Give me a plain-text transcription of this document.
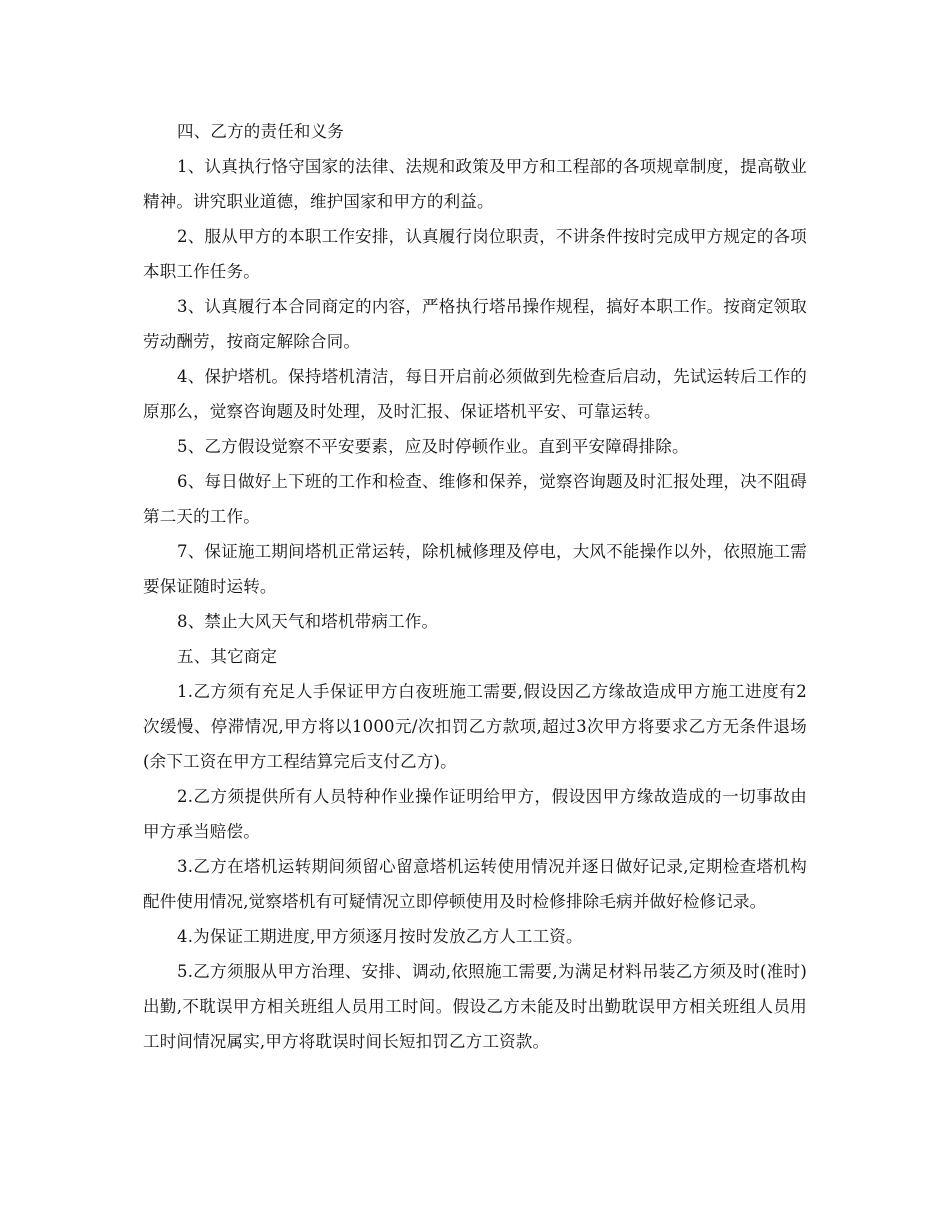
四、乙方的责任和义务

1、认真执行恪守国家的法律、法规和政策及甲方和工程部的各项规章制度，提高敬业精神。讲究职业道德，维护国家和甲方的利益。

2、服从甲方的本职工作安排，认真履行岗位职责，不讲条件按时完成甲方规定的各项本职工作任务。

3、认真履行本合同商定的内容，严格执行塔吊操作规程，搞好本职工作。按商定领取劳动酬劳，按商定解除合同。

4、保护塔机。保持塔机清洁，每日开启前必须做到先检查后启动，先试运转后工作的原那么，觉察咨询题及时处理，及时汇报、保证塔机平安、可靠运转。

5、乙方假设觉察不平安要素，应及时停顿作业。直到平安障碍排除。

6、每日做好上下班的工作和检查、维修和保养，觉察咨询题及时汇报处理，决不阻碍第二天的工作。

7、保证施工期间塔机正常运转，除机械修理及停电，大风不能操作以外，依照施工需要保证随时运转。

8、禁止大风天气和塔机带病工作。

五、其它商定

1.乙方须有充足人手保证甲方白夜班施工需要,假设因乙方缘故造成甲方施工进度有2次缓慢、停滞情况,甲方将以1000元/次扣罚乙方款项,超过3次甲方将要求乙方无条件退场(余下工资在甲方工程结算完后支付乙方)。

2.乙方须提供所有人员特种作业操作证明给甲方，假设因甲方缘故造成的一切事故由甲方承当赔偿。

3.乙方在塔机运转期间须留心留意塔机运转使用情况并逐日做好记录,定期检查塔机构配件使用情况,觉察塔机有可疑情况立即停顿使用及时检修排除毛病并做好检修记录。

4.为保证工期进度,甲方须逐月按时发放乙方人工工资。

5.乙方须服从甲方治理、安排、调动,依照施工需要,为满足材料吊装乙方须及时(准时)出勤,不耽误甲方相关班组人员用工时间。假设乙方未能及时出勤耽误甲方相关班组人员用工时间情况属实,甲方将耽误时间长短扣罚乙方工资款。
